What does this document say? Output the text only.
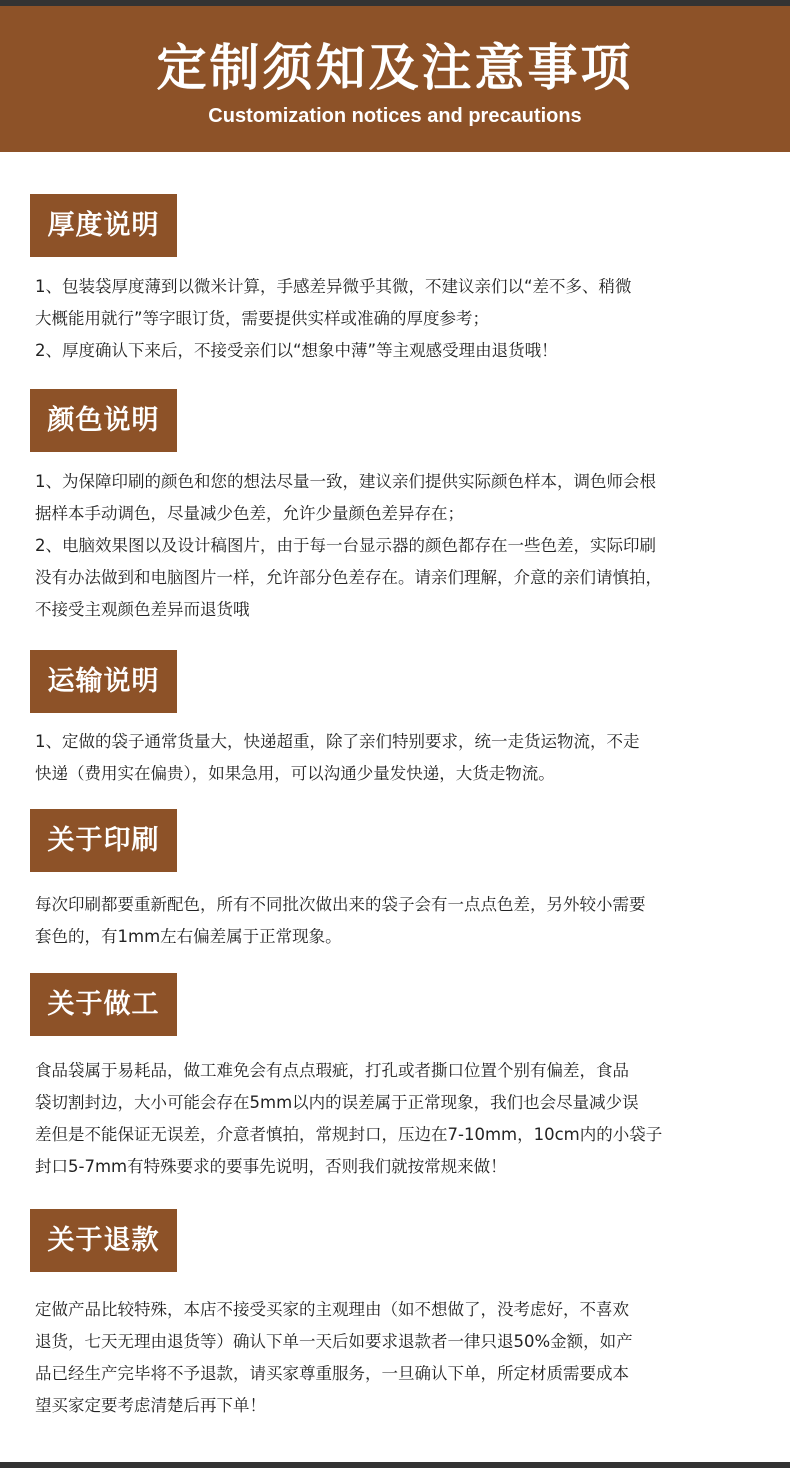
定制须知及注意事项
Customization notices and precautions
厚度说明

1、包装袋厚度薄到以微米计算，手感差异微乎其微，不建议亲们以“差不多、稍微

大概能用就行”等字眼订货，需要提供实样或准确的厚度参考；

2、厚度确认下来后，不接受亲们以“想象中薄”等主观感受理由退货哦！

颜色说明

1、为保障印刷的颜色和您的想法尽量一致，建议亲们提供实际颜色样本，调色师会根

据样本手动调色，尽量减少色差，允许少量颜色差异存在；

2、电脑效果图以及设计稿图片，由于每一台显示器的颜色都存在一些色差，实际印刷

没有办法做到和电脑图片一样，允许部分色差存在。请亲们理解，介意的亲们请慎拍，

不接受主观颜色差异而退货哦

运输说明

1、定做的袋子通常货量大，快递超重，除了亲们特别要求，统一走货运物流，不走

快递（费用实在偏贵），如果急用，可以沟通少量发快递，大货走物流。

关于印刷

每次印刷都要重新配色，所有不同批次做出来的袋子会有一点点色差，另外较小需要

套色的，有1mm左右偏差属于正常现象。

关于做工

食品袋属于易耗品，做工难免会有点点瑕疵，打孔或者撕口位置个别有偏差，食品

袋切割封边，大小可能会存在5mm以内的误差属于正常现象，我们也会尽量减少误

差但是不能保证无误差，介意者慎拍，常规封口，压边在7-10mm，10cm内的小袋子

封口5-7mm有特殊要求的要事先说明，否则我们就按常规来做！

关于退款

定做产品比较特殊，本店不接受买家的主观理由（如不想做了，没考虑好，不喜欢

退货，七天无理由退货等）确认下单一天后如要求退款者一律只退50%金额，如产

品已经生产完毕将不予退款，请买家尊重服务，一旦确认下单，所定材质需要成本

望买家定要考虑清楚后再下单！
